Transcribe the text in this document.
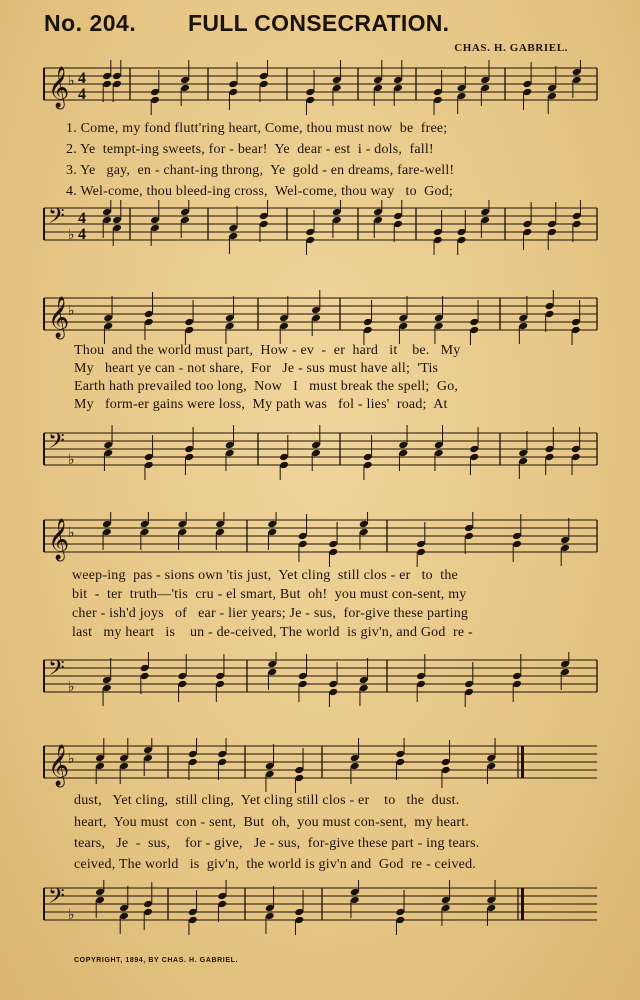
No. 204. FULL CONSECRATION.
CHAS. H. GABRIEL.
𝄞
♭ 4
4
1. Come, my fond flutt'ring heart, Come, thou must now  be  free;
2. Ye  tempt-ing sweets, for - bear!  Ye  dear - est  i - dols,  fall!
3. Ye   gay,  en - chant-ing throng,  Ye  gold - en dreams, fare-well!
4. Wel-come, thou bleed-ing cross,  Wel-come, thou way   to  God;
𝄢
♭
4
4
𝄞
♭
Thou  and the world must part,  How - ev  -  er  hard   it    be.   My
My   heart ye can - not share,  For   Je - sus must have all;  'Tis
Earth hath prevailed too long,  Now   I   must break the spell;  Go,
My   form-er gains were loss,  My path was   fol - lies'  road;  At
𝄢
♭
𝄞
♭
weep-ing  pas - sions own 'tis just,  Yet cling  still clos - er   to  the
bit  -  ter  truth—'tis  cru - el smart, But  oh!  you must con-sent, my
cher - ish'd joys   of   ear - lier years; Je - sus,  for-give these parting
last   my heart   is    un - de-ceived, The world  is giv'n, and God  re -
𝄢
♭
𝄞
♭
dust,   Yet cling,  still cling,  Yet cling still clos - er    to   the  dust.
heart,  You must  con - sent,  But  oh,  you must con-sent,  my heart.
tears,   Je  -  sus,    for - give,   Je - sus,  for-give these part - ing tears.
ceived, The world   is  giv'n,  the world is giv'n and  God  re - ceived.
𝄢
♭
COPYRIGHT, 1894, BY CHAS. H. GABRIEL.
